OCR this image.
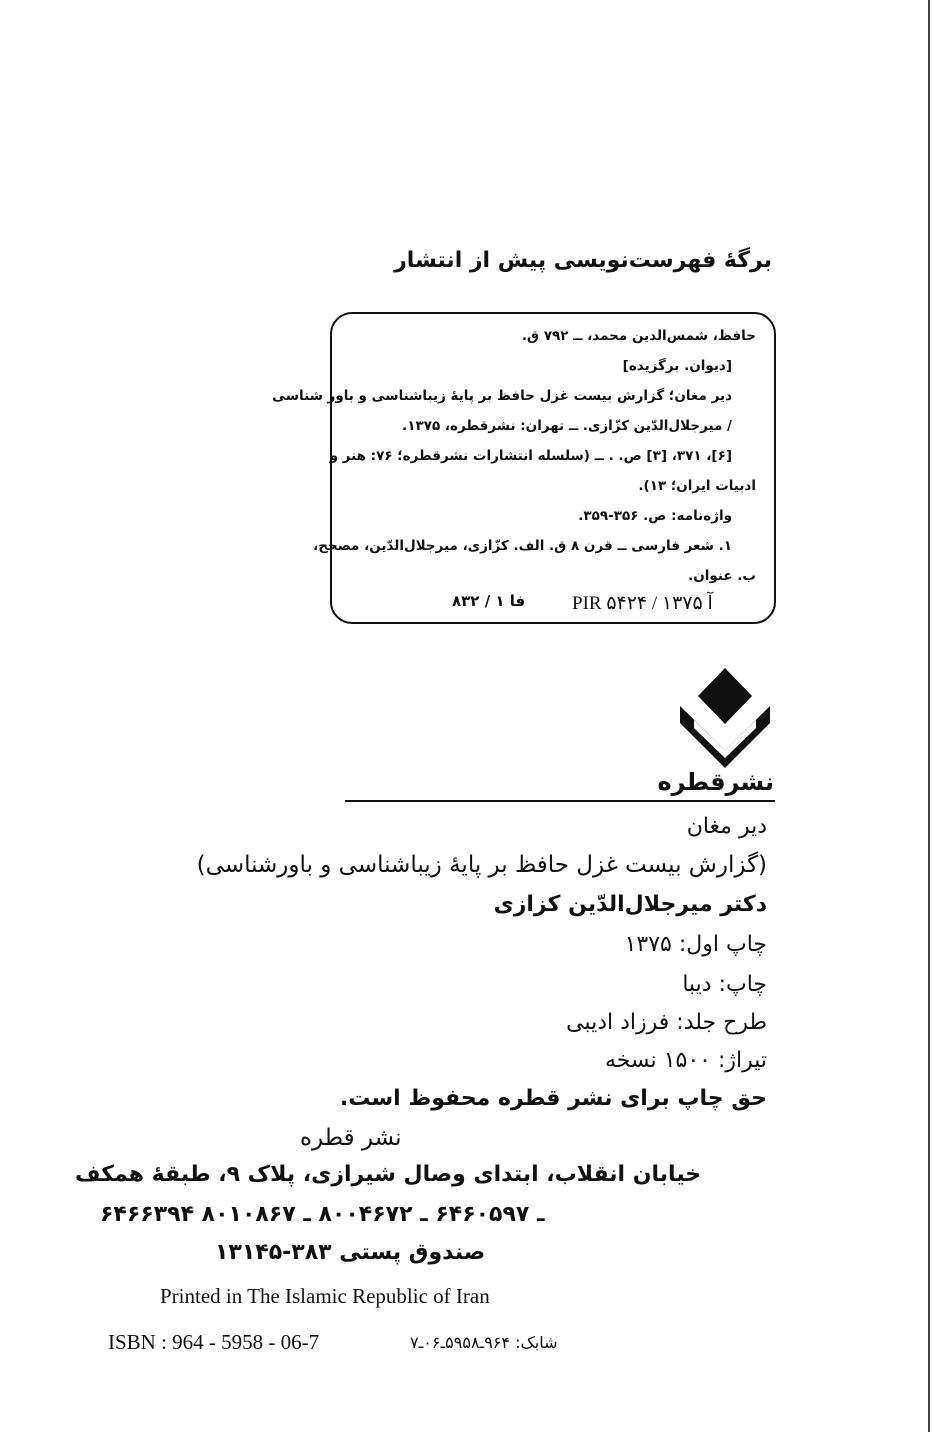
برگهٔ فهرست‌نویسی پیش از انتشار
حافظ، شمس‌الدین محمد، ــ ۷۹۲ ق.
[دیوان. برگزیده]
دیر مغان؛ گزارش بیست غزل حافظ بر پایهٔ زیباشناسی و باور شناسی
/ میرجلال‌الدّین کزّازی. ــ تهران: نشرقطره، ۱۳۷۵.
[۶]، ۳۷۱، [۳] ص. . ــ (سلسله انتشارات نشرقطره؛ ۷۶: هنر و
ادبیات ایران؛ ۱۳).
واژه‌نامه: ص. ۳۵۶-۳۵۹.
۱. شعر فارسی ــ قرن ۸ ق. الف. کزّازی، میرجلال‌الدّین، مصحح،
ب. عنوان.
۸فا ۱ / ۳۲ PIR ۵۴۲۴ / آ ۱۳۷۵
نشرقطره
دیر مغان
(گزارش بیست غزل حافظ بر پایهٔ زیباشناسی و باورشناسی)
دکتر میرجلال‌الدّین کزازی
چاپ اول: ۱۳۷۵
چاپ: دیبا
طرح جلد: فرزاد ادیبی
تیراژ: ۱۵۰۰ نسخه
حق چاپ برای نشر قطره محفوظ است.
نشر قطره
خیابان انقلاب، ابتدای وصال شیرازی، پلاک ۹، طبقهٔ همکف
۶۴۶۶۳۹۴ ـ ۶۴۶۰۵۹۷ ـ ۸۰۰۴۶۷۲ ـ ۸۰۱۰۸۶۷
صندوق پستی ۳۸۳-۱۳۱۴۵
Printed in The Islamic Republic of Iran
ISBN : 964 - 5958 - 06-7	شابک: ۹۶۴ـ۵۹۵۸ـ۰۶ـ۷
